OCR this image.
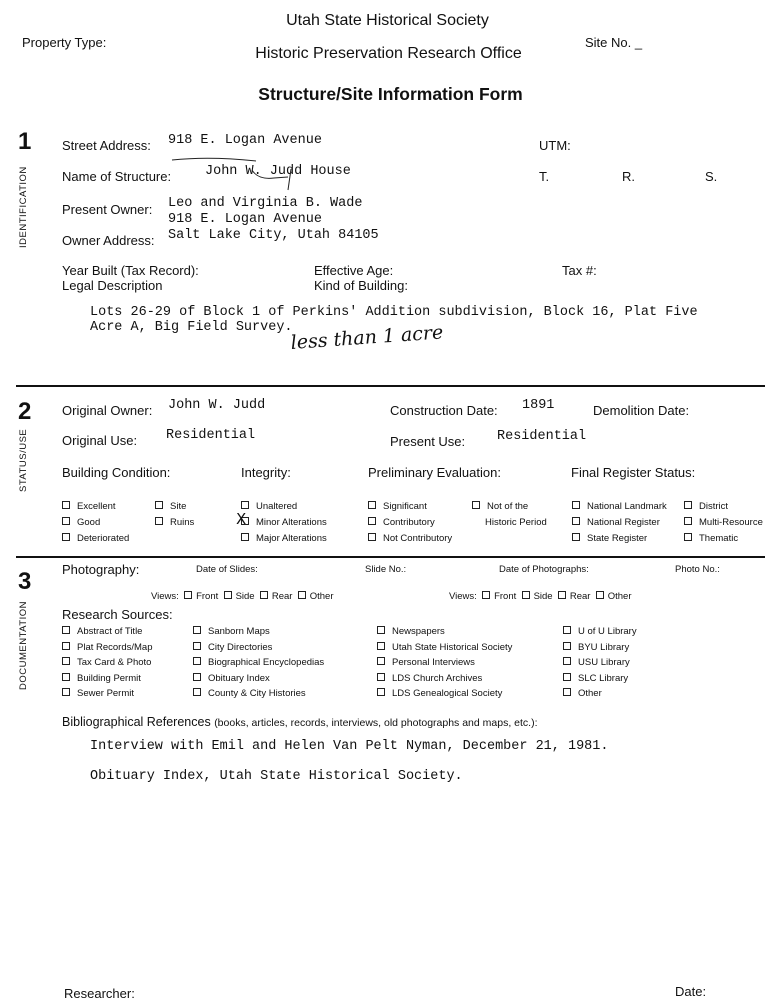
Utah State Historical Society
Property Type:
Historic Preservation Research Office
Site No. _
Structure/Site Information Form
1
IDENTIFICATION
Street Address: 918 E. Logan Avenue	UTM:
Name of Structure:	John W. Judd House	T.	R.	S.
Present Owner: Leo and Virginia B. Wade
918 E. Logan Avenue
Owner Address: Salt Lake City, Utah 84105
Year Built (Tax Record):	Effective Age:	Tax #:
Legal Description	Kind of Building:
Lots 26-29 of Block 1 of Perkins' Addition subdivision, Block 16, Plat Five
Acre A, Big Field Survey.
less than 1 acre
2
STATUS/USE
Original Owner: John W. Judd	Construction Date: 1891	Demolition Date:
Original Use: Residential	Present Use: Residential
Building Condition:	Integrity:	Preliminary Evaluation:	Final Register Status:
Excellent
Good
Deteriorated
Site
Ruins
Unaltered
Minor Alterations
X
Major Alterations
Significant
Contributory
Not Contributory
Not of the
Historic Period
National Landmark
National Register
State Register
District
Multi-Resource
Thematic
3
DOCUMENTATION
Photography:	Date of Slides:	Slide No.:	Date of Photographs:	Photo No.:
Views: Front Side Rear Other	Views: Front Side Rear Other
Research Sources:
Abstract of Title
Plat Records/Map
Tax Card & Photo
Building Permit
Sewer Permit
Sanborn Maps
City Directories
Biographical Encyclopedias
Obituary Index
County & City Histories
Newspapers
Utah State Historical Society
Personal Interviews
LDS Church Archives
LDS Genealogical Society
U of U Library
BYU Library
USU Library
SLC Library
Other
Bibliographical References (books, articles, records, interviews, old photographs and maps, etc.):
Interview with Emil and Helen Van Pelt Nyman, December 21, 1981.
Obituary Index, Utah State Historical Society.
Researcher:	Date:
